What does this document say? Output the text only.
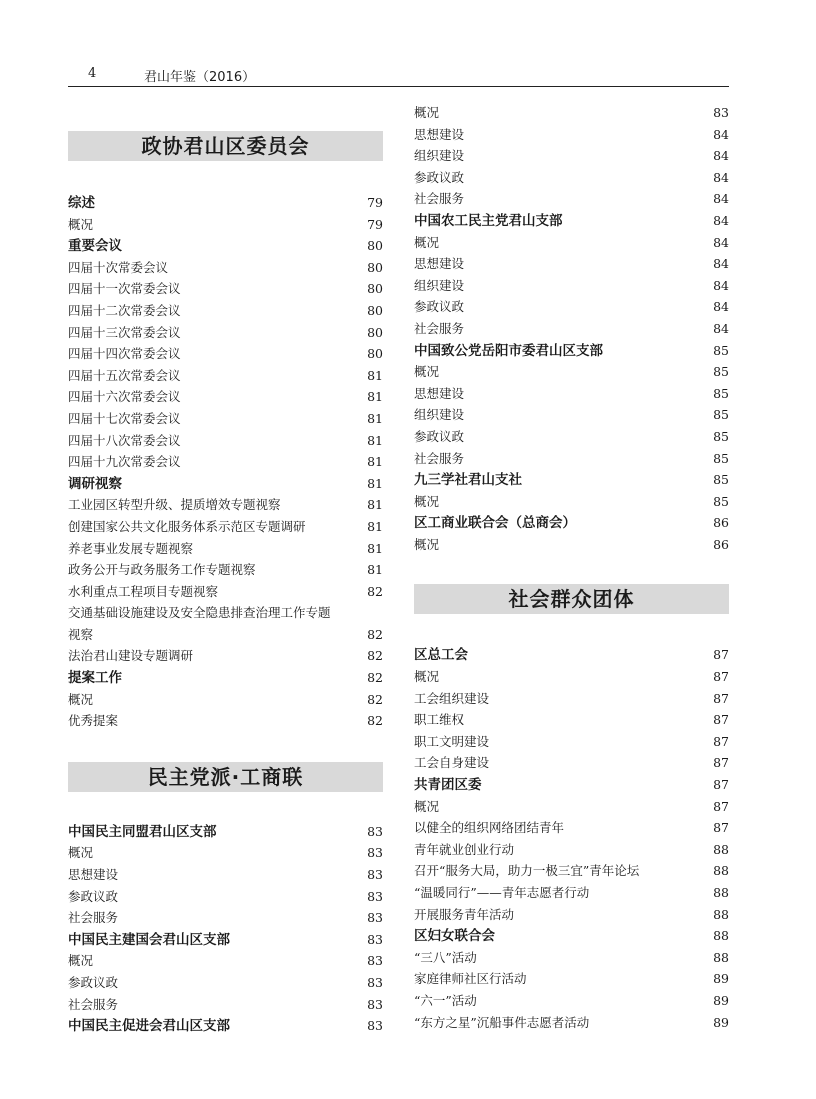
4	君山年鉴（2016）
政协君山区委员会
综述	79
概况	79
重要会议	80
四届十次常委会议	80
四届十一次常委会议	80
四届十二次常委会议	80
四届十三次常委会议	80
四届十四次常委会议	80
四届十五次常委会议	81
四届十六次常委会议	81
四届十七次常委会议	81
四届十八次常委会议	81
四届十九次常委会议	81
调研视察	81
工业园区转型升级、提质增效专题视察	81
创建国家公共文化服务体系示范区专题调研	81
养老事业发展专题视察	81
政务公开与政务服务工作专题视察	81
水利重点工程项目专题视察	82
交通基础设施建设及安全隐患排查治理工作专题
视察	82
法治君山建设专题调研	82
提案工作	82
概况	82
优秀提案	82
民主党派·工商联
中国民主同盟君山区支部	83
概况	83
思想建设	83
参政议政	83
社会服务	83
中国民主建国会君山区支部	83
概况	83
参政议政	83
社会服务	83
中国民主促进会君山区支部	83
概况	83
思想建设	84
组织建设	84
参政议政	84
社会服务	84
中国农工民主党君山支部	84
概况	84
思想建设	84
组织建设	84
参政议政	84
社会服务	84
中国致公党岳阳市委君山区支部	85
概况	85
思想建设	85
组织建设	85
参政议政	85
社会服务	85
九三学社君山支社	85
概况	85
区工商业联合会（总商会）	86
概况	86
社会群众团体
区总工会	87
概况	87
工会组织建设	87
职工维权	87
职工文明建设	87
工会自身建设	87
共青团区委	87
概况	87
以健全的组织网络团结青年	87
青年就业创业行动	88
召开“服务大局，助力一极三宜”青年论坛	88
“温暖同行”——青年志愿者行动	88
开展服务青年活动	88
区妇女联合会	88
“三八”活动	88
家庭律师社区行活动	89
“六一”活动	89
“东方之星”沉船事件志愿者活动	89
